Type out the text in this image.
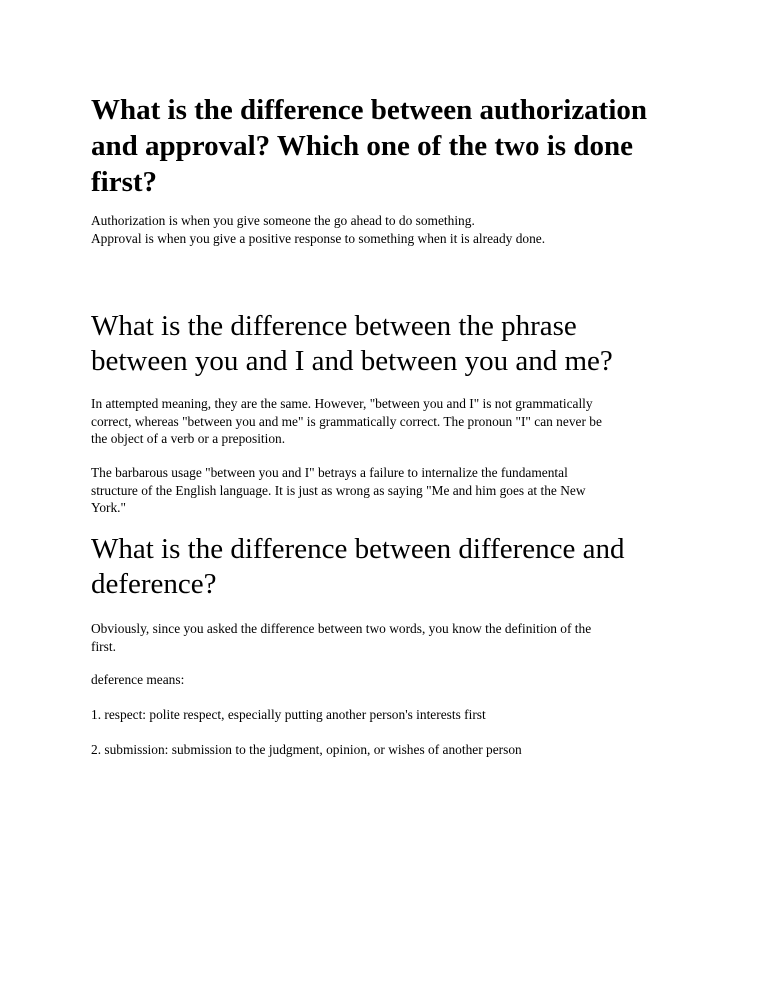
What is the difference between authorization
and approval? Which one of the two is done
first?

Authorization is when you give someone the go ahead to do something.
Approval is when you give a positive response to something when it is already done.

What is the difference between the phrase
between you and I and between you and me?

In attempted meaning, they are the same. However, "between you and I" is not grammatically
correct, whereas "between you and me" is grammatically correct. The pronoun "I" can never be
the object of a verb or a preposition.

The barbarous usage "between you and I" betrays a failure to internalize the fundamental
structure of the English language. It is just as wrong as saying "Me and him goes at the New
York."

What is the difference between difference and
deference?

Obviously, since you asked the difference between two words, you know the definition of the
first.

deference means:

1. respect: polite respect, especially putting another person's interests first

2. submission: submission to the judgment, opinion, or wishes of another person
